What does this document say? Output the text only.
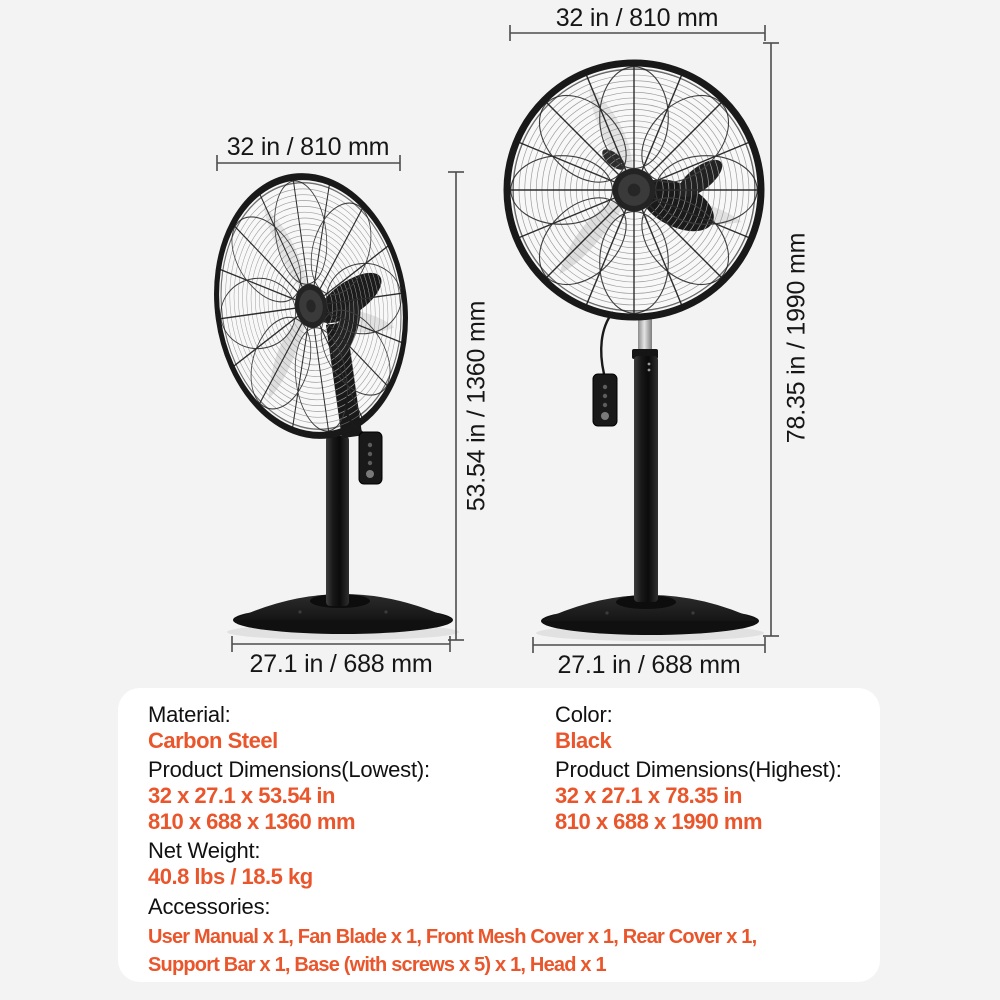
32 in / 810 mm
32 in / 810 mm
53.54 in / 1360 mm	78.35 in / 1990 mm
27.1 in / 688 mm	27.1 in / 688 mm
Material:
Carbon Steel
Color:
Black
Product Dimensions(Lowest):
32 x 27.1 x 53.54 in
810 x 688 x 1360 mm
Product Dimensions(Highest):
32 x 27.1 x 78.35 in
810 x 688 x 1990 mm
Net Weight:
40.8 lbs / 18.5 kg
Accessories:
User Manual x 1, Fan Blade x 1, Front Mesh Cover x 1, Rear Cover x 1,
Support Bar x 1, Base (with screws x 5) x 1, Head x 1
